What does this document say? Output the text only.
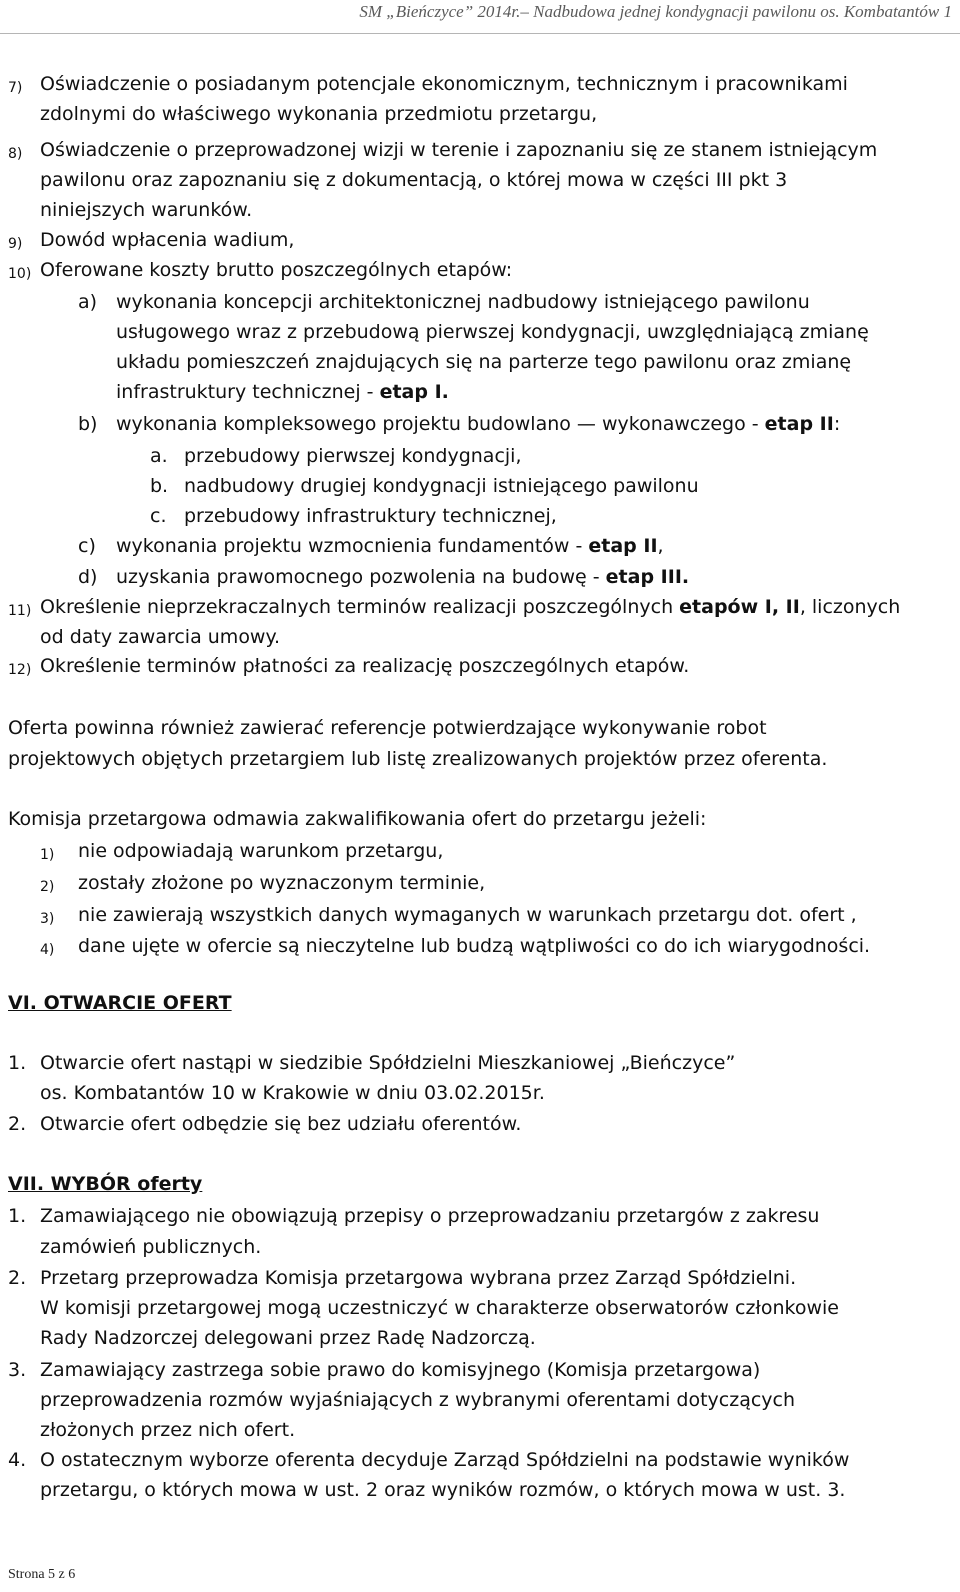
SM „Bieńczyce” 2014r.– Nadbudowa jednej kondygnacji pawilonu os. Kombatantów 1
7) Oświadczenie o posiadanym potencjale ekonomicznym, technicznym i pracownikami
zdolnymi do właściwego wykonania przedmiotu przetargu,
8) Oświadczenie o przeprowadzonej wizji w terenie i zapoznaniu się ze stanem istniejącym
pawilonu oraz zapoznaniu się z dokumentacją, o której mowa w części III pkt 3
niniejszych warunków.
9) Dowód wpłacenia wadium,
10) Oferowane koszty brutto poszczególnych etapów:
a) wykonania koncepcji architektonicznej nadbudowy istniejącego pawilonu
usługowego wraz z przebudową pierwszej kondygnacji, uwzględniającą zmianę
układu pomieszczeń znajdujących się na parterze tego pawilonu oraz zmianę
infrastruktury technicznej - etap I.
b) wykonania kompleksowego projektu budowlano — wykonawczego - etap II:
a. przebudowy pierwszej kondygnacji,
b. nadbudowy drugiej kondygnacji istniejącego pawilonu
c. przebudowy infrastruktury technicznej,
c) wykonania projektu wzmocnienia fundamentów - etap II,
d) uzyskania prawomocnego pozwolenia na budowę - etap III.
11) Określenie nieprzekraczalnych terminów realizacji poszczególnych etapów I, II, liczonych
od daty zawarcia umowy.
12) Określenie terminów płatności za realizację poszczególnych etapów.
Oferta powinna również zawierać referencje potwierdzające wykonywanie robot
projektowych objętych przetargiem lub listę zrealizowanych projektów przez oferenta.
Komisja przetargowa odmawia zakwalifikowania ofert do przetargu jeżeli:
1) nie odpowiadają warunkom przetargu,
2) zostały złożone po wyznaczonym terminie,
3) nie zawierają wszystkich danych wymaganych w warunkach przetargu dot. ofert ,
4) dane ujęte w ofercie są nieczytelne lub budzą wątpliwości co do ich wiarygodności.
VI. OTWARCIE OFERT
1. Otwarcie ofert nastąpi w siedzibie Spółdzielni Mieszkaniowej „Bieńczyce”
os. Kombatantów 10 w Krakowie w dniu 03.02.2015r.
2. Otwarcie ofert odbędzie się bez udziału oferentów.
VII. WYBÓR oferty
1. Zamawiającego nie obowiązują przepisy o przeprowadzaniu przetargów z zakresu
zamówień publicznych.
2. Przetarg przeprowadza Komisja przetargowa wybrana przez Zarząd Spółdzielni.
W komisji przetargowej mogą uczestniczyć w charakterze obserwatorów członkowie
Rady Nadzorczej delegowani przez Radę Nadzorczą.
3. Zamawiający zastrzega sobie prawo do komisyjnego (Komisja przetargowa)
przeprowadzenia rozmów wyjaśniających z wybranymi oferentami dotyczących
złożonych przez nich ofert.
4. O ostatecznym wyborze oferenta decyduje Zarząd Spółdzielni na podstawie wyników
przetargu, o których mowa w ust. 2 oraz wyników rozmów, o których mowa w ust. 3.
Strona 5 z 6
